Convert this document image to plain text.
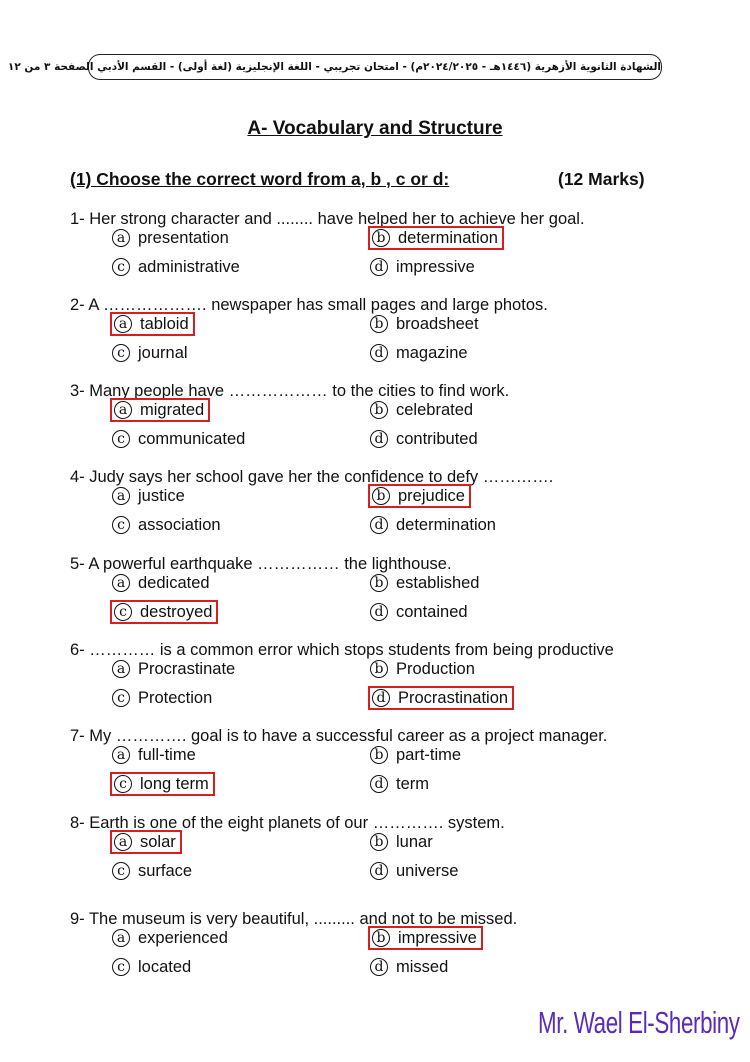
الشهادة الثانوية الأزهرية (١٤٤٦هـ - ٢٠٢٤/٢٠٢٥م) - امتحان تجريبي - اللغة الإنجليزية (لغة أولى) - القسم الأدبي الصفحة ٣ من ١٢
A- Vocabulary and Structure
(1) Choose the correct word from a, b , c or d:	(12 Marks)
1- Her strong character and ........ have helped her to achieve her goal.
a presentation	b determination
c administrative	d impressive
2- A ………………. newspaper has small pages and large photos.
a tabloid	b broadsheet
c journal	d magazine
3- Many people have ……………… to the cities to find work.
a migrated	b celebrated
c communicated	d contributed
4- Judy says her school gave her the confidence to defy ………….
a justice	b prejudice
c association	d determination
5- A powerful earthquake …………… the lighthouse.
a dedicated	b established
c destroyed	d contained
6- ………… is a common error which stops students from being productive
a Procrastinate	b Production
c Protection	d Procrastination
7- My …………. goal is to have a successful career as a project manager.
a full-time	b part-time
c long term	d term
8- Earth is one of the eight planets of our …………. system.
a solar	b lunar
c surface	d universe
9- The museum is very beautiful, ......... and not to be missed.
a experienced	b impressive
c located	d missed
Mr. Wael El-Sherbiny
